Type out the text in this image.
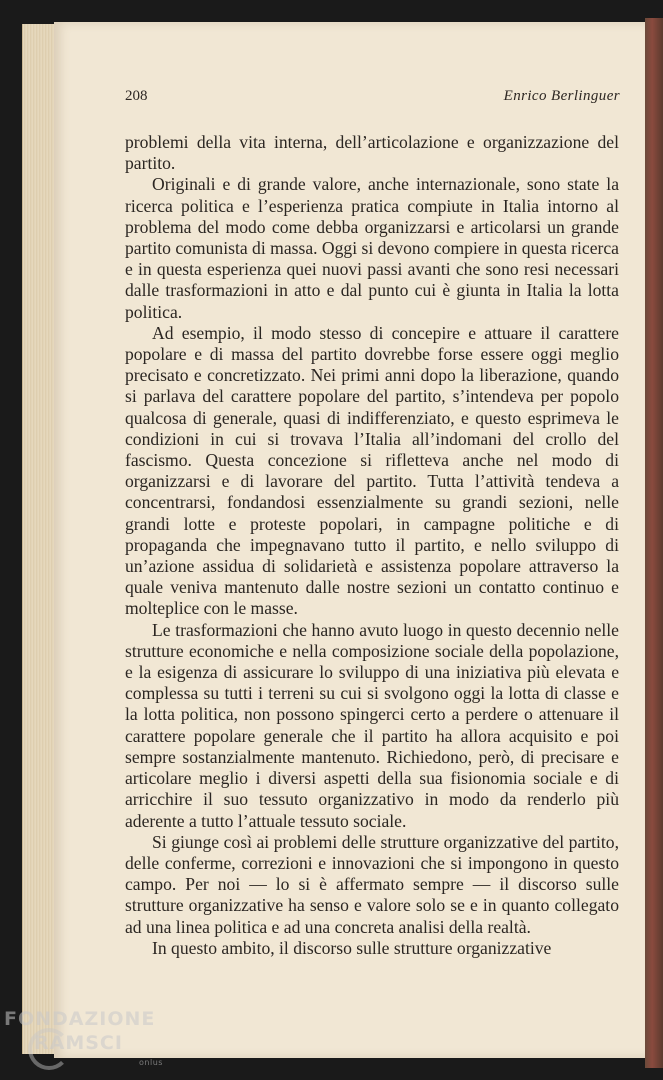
208	Enrico Berlinguer

problemi della vita interna, dell’articolazione e organizzazione del partito.

Originali e di grande valore, anche internazionale, sono state la ricerca politica e l’esperienza pratica compiute in Italia intorno al problema del modo come debba organizzarsi e articolarsi un grande partito comunista di massa. Oggi si devono compiere in questa ricerca e in questa esperienza quei nuovi passi avanti che sono resi necessari dalle trasformazioni in atto e dal punto cui è giunta in Italia la lotta politica.

Ad esempio, il modo stesso di concepire e attuare il carattere popolare e di massa del partito dovrebbe forse essere oggi meglio precisato e concretizzato. Nei primi anni dopo la liberazione, quando si parlava del carattere popolare del partito, s’intendeva per popolo qualcosa di generale, quasi di indifferenziato, e questo esprimeva le condizioni in cui si trovava l’Italia all’indomani del crollo del fascismo. Questa concezione si rifletteva anche nel modo di organizzarsi e di lavorare del partito. Tutta l’attività tendeva a concentrarsi, fondandosi essenzialmente su grandi sezioni, nelle grandi lotte e proteste popolari, in campagne politiche e di propaganda che impegnavano tutto il partito, e nello sviluppo di un’azione assidua di solidarietà e assistenza popolare attraverso la quale veniva mantenuto dalle nostre sezioni un contatto continuo e molteplice con le masse.

Le trasformazioni che hanno avuto luogo in questo decennio nelle strutture economiche e nella composizione sociale della popolazione, e la esigenza di assicurare lo sviluppo di una iniziativa più elevata e complessa su tutti i terreni su cui si svolgono oggi la lotta di classe e la lotta politica, non possono spingerci certo a perdere o attenuare il carattere popolare generale che il partito ha allora acquisito e poi sempre sostanzialmente mantenuto. Richiedono, però, di precisare e articolare meglio i diversi aspetti della sua fisionomia sociale e di arricchire il suo tessuto organizzativo in modo da renderlo più aderente a tutto l’attuale tessuto sociale.

Si giunge così ai problemi delle strutture organizzative del partito, delle conferme, correzioni e innovazioni che si impongono in questo campo. Per noi — lo si è affermato sempre — il discorso sulle strutture organizzative ha senso e valore solo se e in quanto collegato ad una linea politica e ad una concreta analisi della realtà.

In questo ambito, il discorso sulle strutture organizzative

FONDAZIONE
RAMSCI
onlus
